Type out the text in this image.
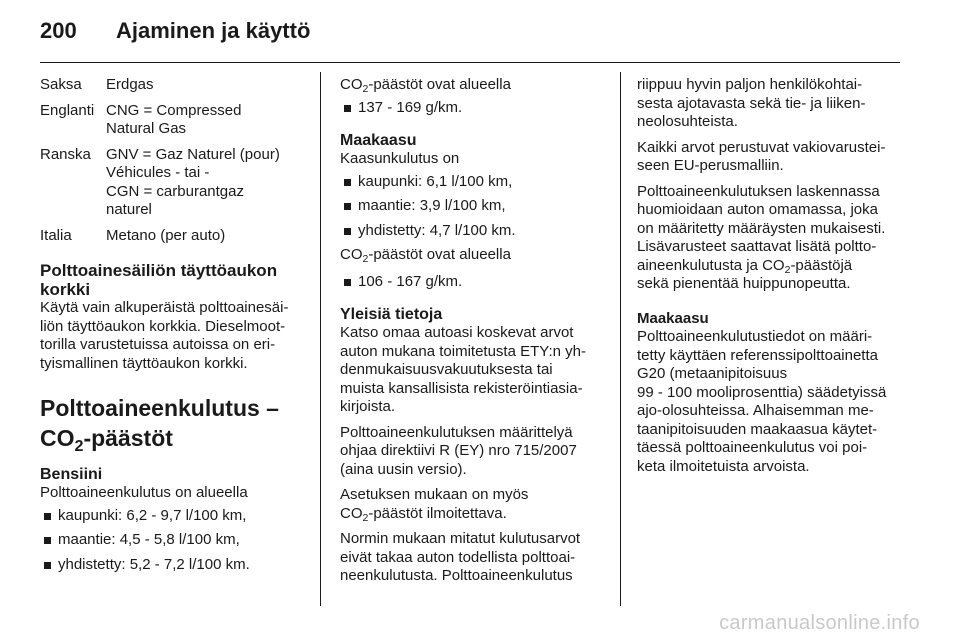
200	Ajaminen ja käyttö
Saksa	Erdgas
Englanti CNG = Compressed
Natural Gas
Ranska	GNV = Gaz Naturel (pour)
Véhicules - tai -
CGN = carburantgaz
naturel
Italia	Metano (per auto)
Polttoainesäiliön täyttöaukon
korkki

Käytä vain alkuperäistä polttoainesäi-
liön täyttöaukon korkkia. Dieselmoot-
torilla varustetuissa autoissa on eri-
tyismallinen täyttöaukon korkki.

Polttoaineenkulutus –
$CO_2$-päästöt
Bensiini
Polttoaineenkulutus on alueella
kaupunki: 6,2 - 9,7 l/100 km,
maantie: 4,5 - 5,8 l/100 km,
yhdistetty: 5,2 - 7,2 l/100 km.
$CO_2$-päästöt ovat alueella
137 - 169 g/km.
Maakaasu
Kaasunkulutus on
kaupunki: 6,1 l/100 km,
maantie: 3,9 l/100 km,
yhdistetty: 4,7 l/100 km.
$CO_2$-päästöt ovat alueella
106 - 167 g/km.
Yleisiä tietoja

Katso omaa autoasi koskevat arvot
auton mukana toimitetusta ETY:n yh-
denmukaisuusvakuutuksesta tai
muista kansallisista rekisteröintiasia-
kirjoista.

Polttoaineenkulutuksen määrittelyä
ohjaa direktiivi R (EY) nro 715/2007
(aina uusin versio).

Asetuksen mukaan on myös
$CO_2$-päästöt ilmoitettava.

Normin mukaan mitatut kulutusarvot
eivät takaa auton todellista polttoai-
neenkulutusta. Polttoaineenkulutus

riippuu hyvin paljon henkilökohtai-
sesta ajotavasta sekä tie- ja liiken-
neolosuhteista.

Kaikki arvot perustuvat vakiovarustei-
seen EU-perusmalliin.

Polttoaineenkulutuksen laskennassa
huomioidaan auton omamassa, joka
on määritetty määräysten mukaisesti.
Lisävarusteet saattavat lisätä poltto-
aineenkulutusta ja $CO_2$-päästöjä
sekä pienentää huippunopeutta.

Maakaasu

Polttoaineenkulutustiedot on määri-
tetty käyttäen referenssipolttoainetta
G20 (metaanipitoisuus
99 - 100 mooliprosenttia) säädetyissä
ajo-olosuhteissa. Alhaisemman me-
taanipitoisuuden maakaasua käytet-
täessä polttoaineenkulutus voi poi-
keta ilmoitetuista arvoista.

carmanualsonline.info
